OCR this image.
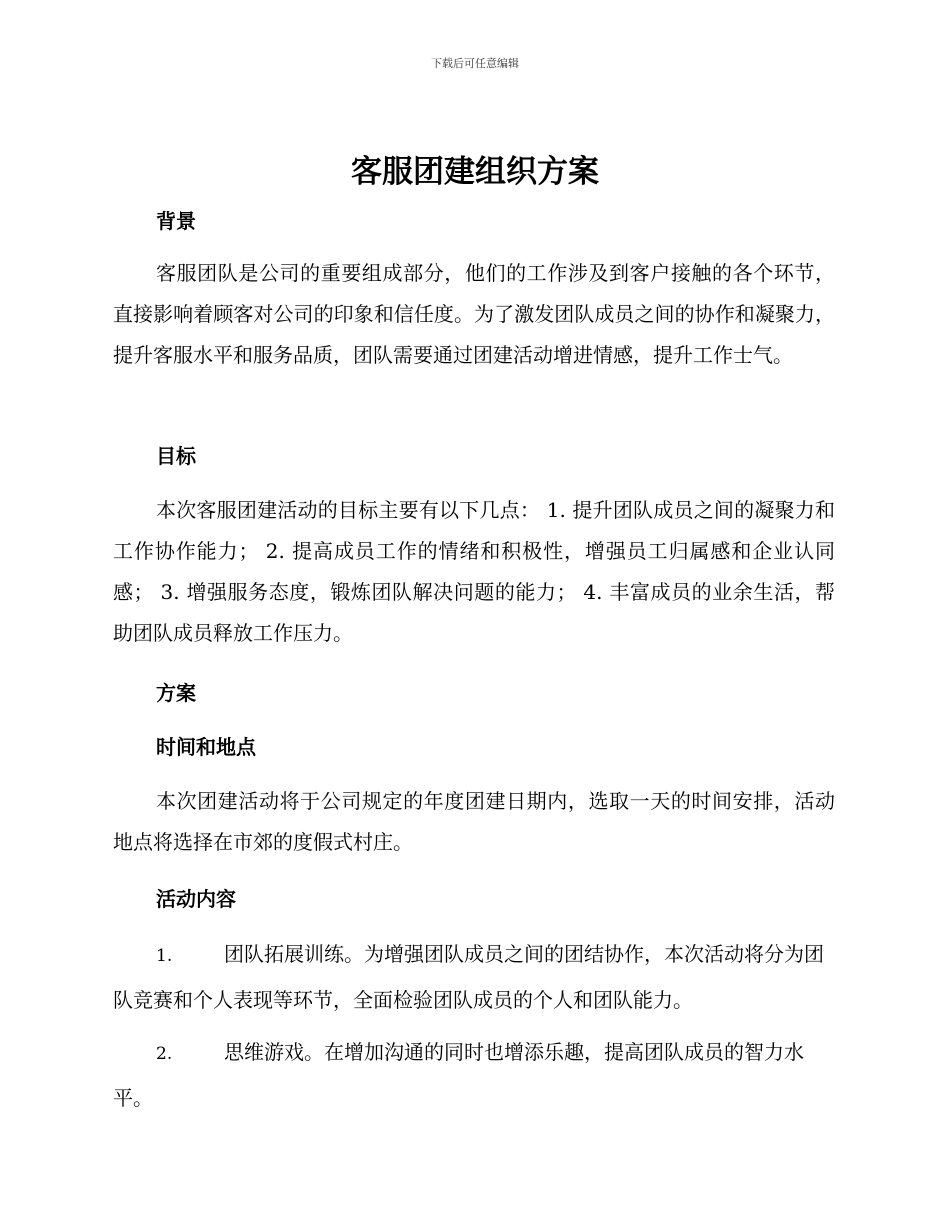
下载后可任意编辑
客服团建组织方案
背景

客服团队是公司的重要组成部分，他们的工作涉及到客户接触的各个环节，直接影响着顾客对公司的印象和信任度。为了激发团队成员之间的协作和凝聚力，提升客服水平和服务品质，团队需要通过团建活动增进情感，提升工作士气。

目标

本次客服团建活动的目标主要有以下几点： 1. 提升团队成员之间的凝聚力和工作协作能力； 2. 提高成员工作的情绪和积极性，增强员工归属感和企业认同感； 3. 增强服务态度，锻炼团队解决问题的能力； 4. 丰富成员的业余生活，帮助团队成员释放工作压力。

方案
时间和地点

本次团建活动将于公司规定的年度团建日期内，选取一天的时间安排，活动地点将选择在市郊的度假式村庄。

活动内容

1.	团队拓展训练。为增强团队成员之间的团结协作，本次活动将分为团队竞赛和个人表现等环节，全面检验团队成员的个人和团队能力。

2.	思维游戏。在增加沟通的同时也增添乐趣，提高团队成员的智力水平。
